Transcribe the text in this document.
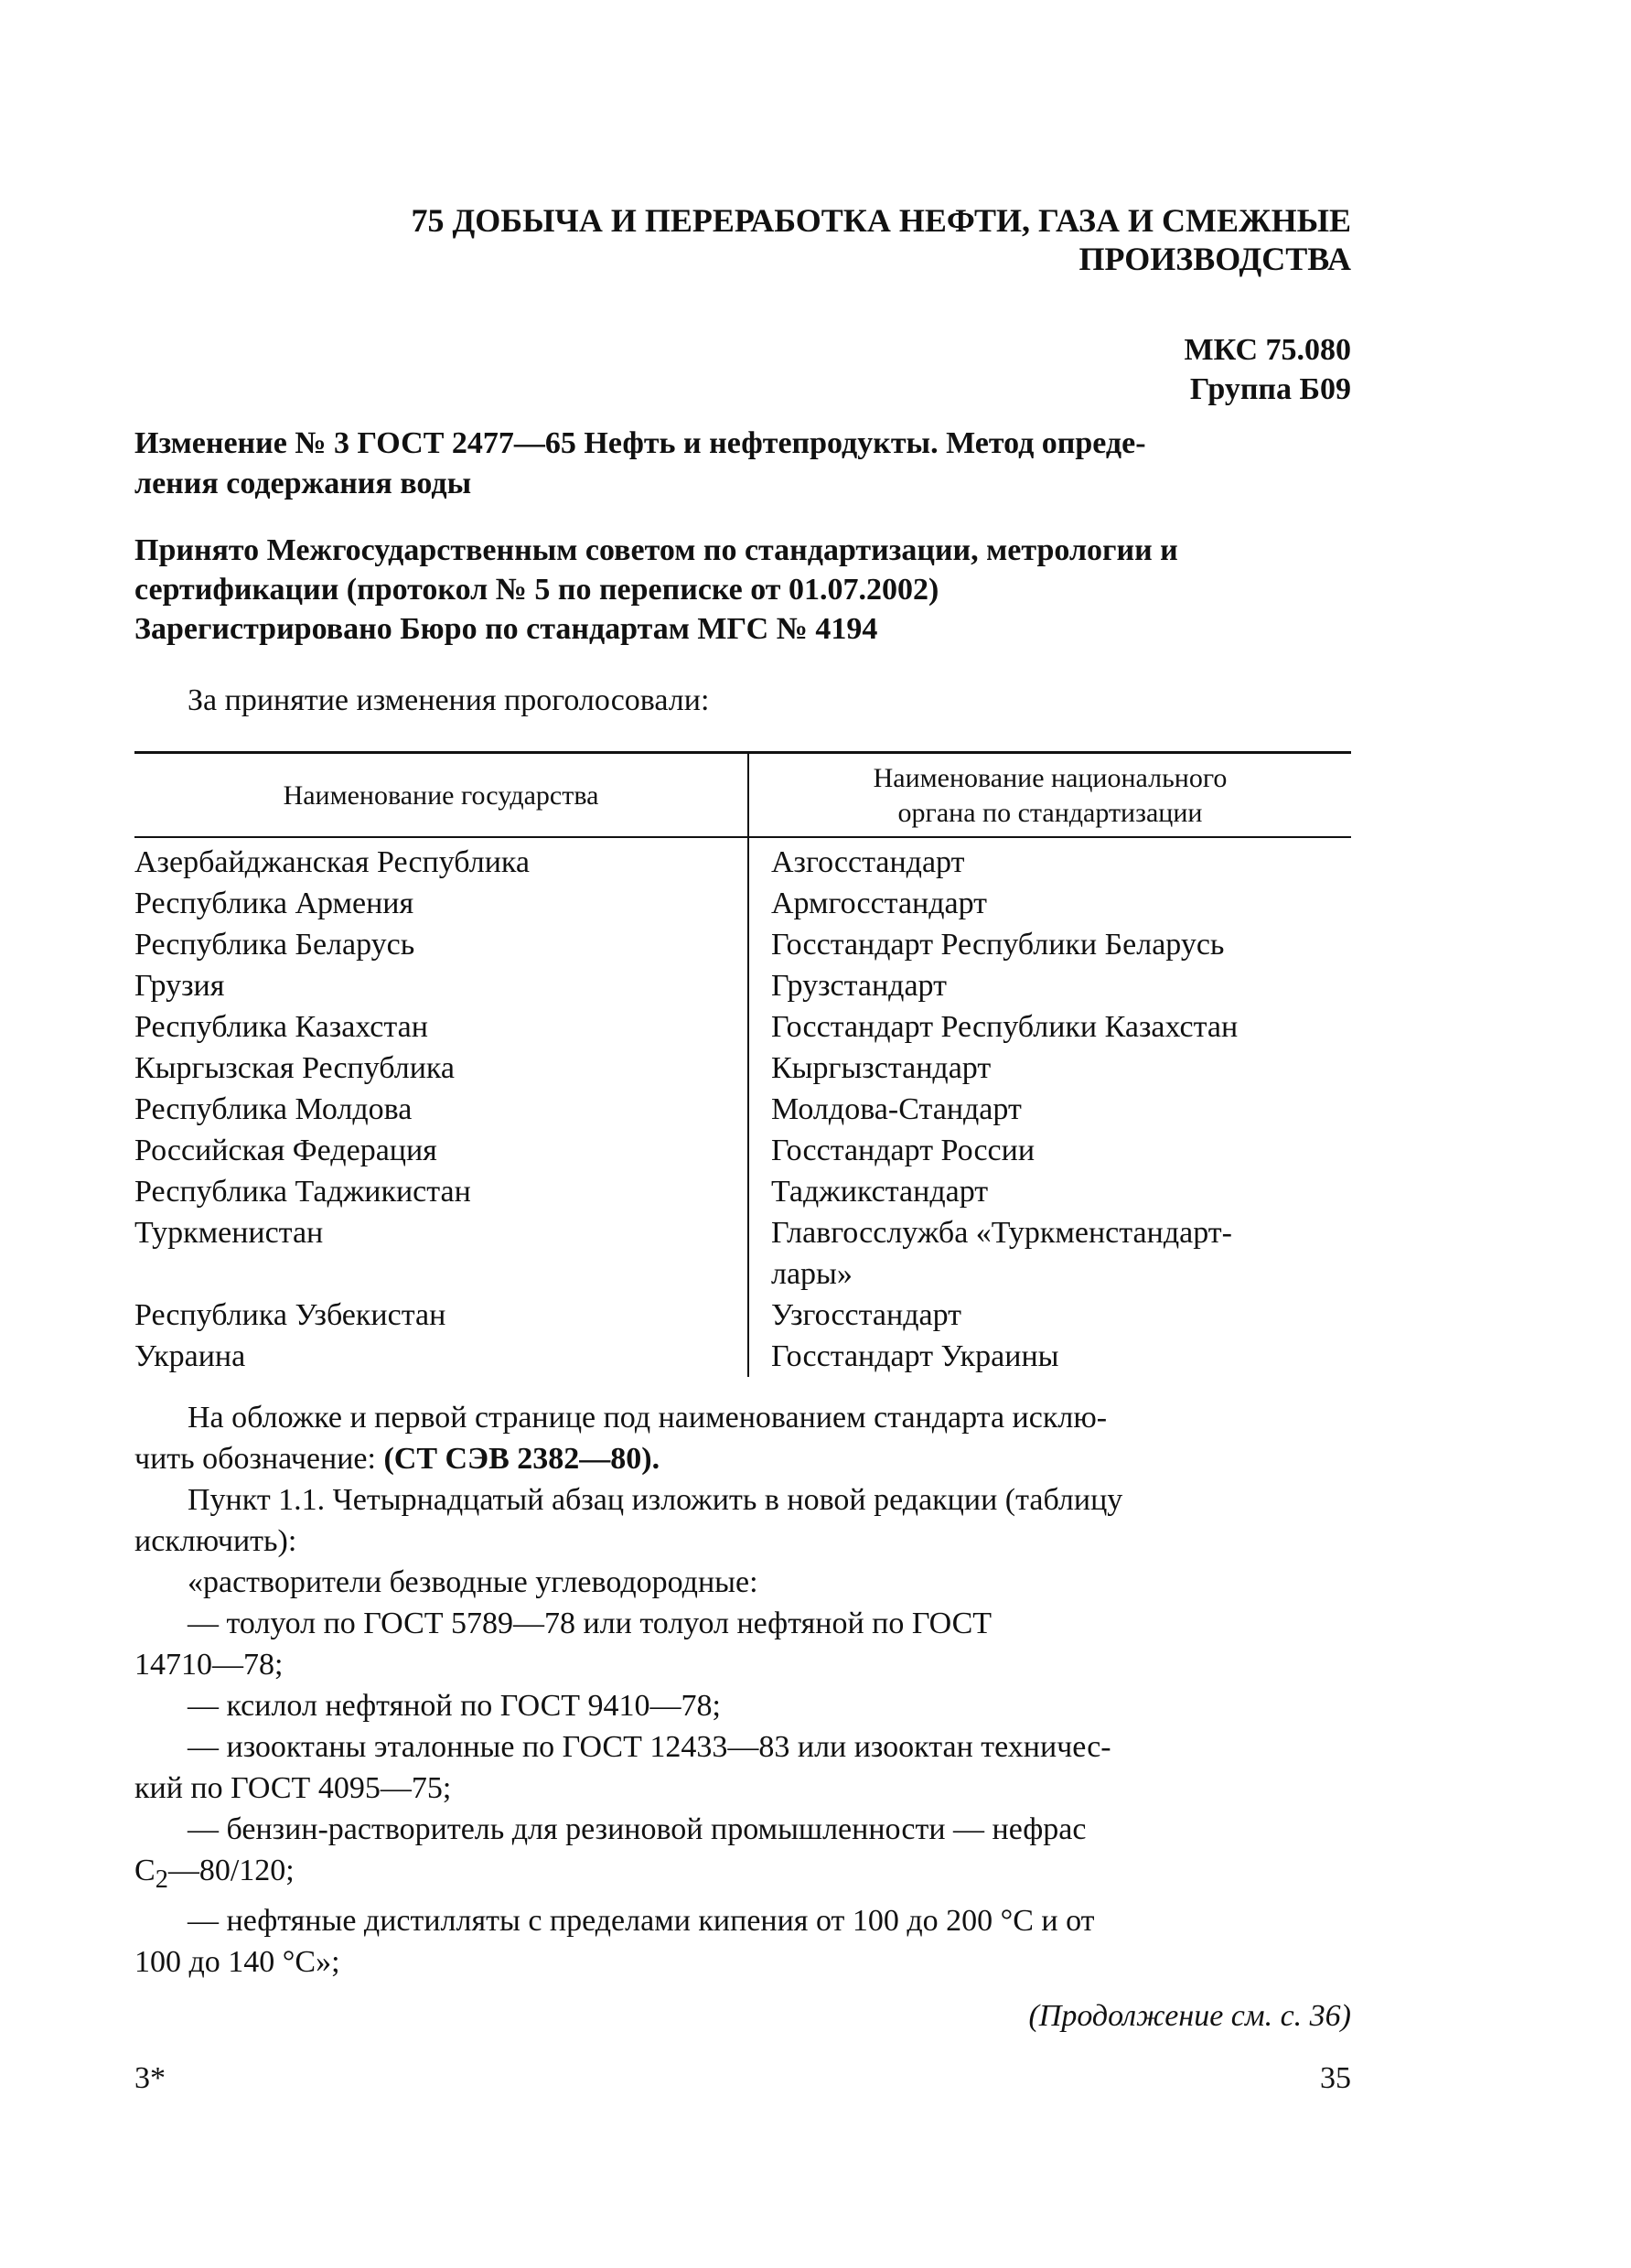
75 ДОБЫЧА И ПЕРЕРАБОТКА НЕФТИ, ГАЗА И СМЕЖНЫЕ
ПРОИЗВОДСТВА
МКС 75.080
Группа Б09
Изменение № 3 ГОСТ 2477—65 Нефть и нефтепродукты. Метод опреде-
ления содержания воды
Принято Межгосударственным советом по стандартизации, метрологии и
сертификации (протокол № 5 по переписке от 01.07.2002)
Зарегистрировано Бюро по стандартам МГС № 4194
За принятие изменения проголосовали:
Наименование государства	Наименование национального
органа по стандартизации

Азербайджанская Республика	Азгосстандарт
Республика Армения	Армгосстандарт
Республика Беларусь	Госстандарт Республики Беларусь
Грузия	Грузстандарт
Республика Казахстан	Госстандарт Республики Казахстан
Кыргызская Республика	Кыргызстандарт
Республика Молдова	Молдова-Стандарт
Российская Федерация	Госстандарт России
Республика Таджикистан	Таджикстандарт
Туркменистан	Главгосслужба «Туркменстандарт-
лары»

Республика Узбекистан	Узгосстандарт
Украина	Госстандарт Украины

На обложке и первой странице под наименованием стандарта исклю-

чить обозначение: (СТ СЭВ 2382—80).

Пункт 1.1. Четырнадцатый абзац изложить в новой редакции (таблицу

исключить):

«растворители безводные углеводородные:

— толуол по ГОСТ 5789—78 или толуол нефтяной по ГОСТ

14710—78;

— ксилол нефтяной по ГОСТ 9410—78;

— изооктаны эталонные по ГОСТ 12433—83 или изооктан техничес-

кий по ГОСТ 4095—75;

— бензин-растворитель для резиновой промышленности — нефрас

$C_2—80/120$;

— нефтяные дистилляты с пределами кипения от 100 до 200 °С и от

100 до 140 °С»;

(Продолжение см. с. 36)
3*	35
